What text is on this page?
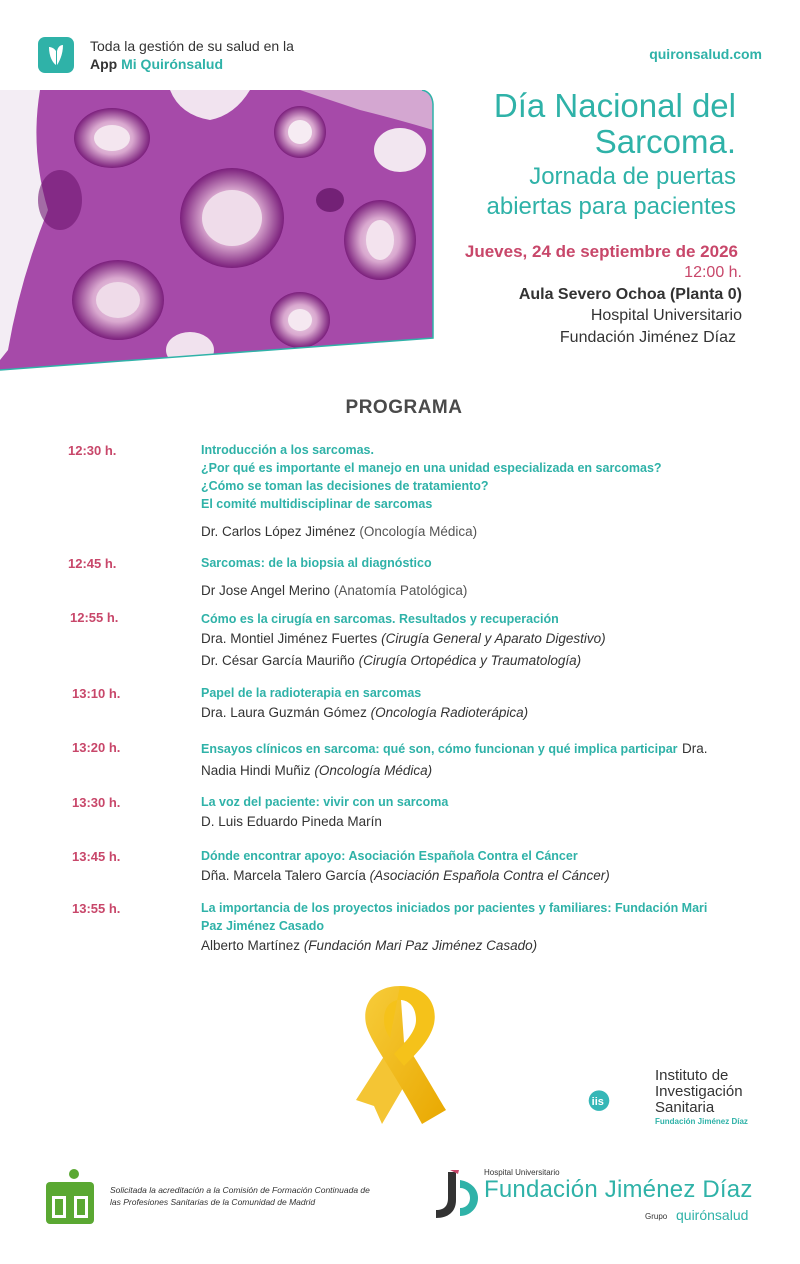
Toda la gestión de su salud en la
App Mi Quirónsalud
quironsalud.com
Día Nacional del
Sarcoma.
Jornada de puertas
abiertas para pacientes
Jueves, 24 de septiembre de 2026
12:00 h.
Aula Severo Ochoa (Planta 0)
Hospital Universitario
Fundación Jiménez Díaz
PROGRAMA
12:30 h.	Introducción a los sarcomas.
¿Por qué es importante el manejo en una unidad especializada en sarcomas?
¿Cómo se toman las decisiones de tratamiento?
El comité multidisciplinar de sarcomas
Dr. Carlos López Jiménez (Oncología Médica)
12:45 h.	Sarcomas: de la biopsia al diagnóstico
Dr Jose Angel Merino (Anatomía Patológica)
12:55 h.	Cómo es la cirugía en sarcomas. Resultados y recuperación
Dra. Montiel Jiménez Fuertes (Cirugía General y Aparato Digestivo)
Dr. César García Mauriño (Cirugía Ortopédica y Traumatología)
13:10 h.	Papel de la radioterapia en sarcomas
Dra. Laura Guzmán Gómez (Oncología Radioterápica)
13:20 h.	Ensayos clínicos en sarcoma: qué son, cómo funcionan y qué implica participar Dra.
Nadia Hindi Muñiz (Oncología Médica)
13:30 h.	La voz del paciente: vivir con un sarcoma
D. Luis Eduardo Pineda Marín
13:45 h.	Dónde encontrar apoyo: Asociación Española Contra el Cáncer
Dña. Marcela Talero García (Asociación Española Contra el Cáncer)
13:55 h.	La importancia de los proyectos iniciados por pacientes y familiares: Fundación Mari
Paz Jiménez Casado
Alberto Martínez (Fundación Mari Paz Jiménez Casado)
iis
Instituto de
Investigación
Sanitaria
Fundación Jiménez Díaz
Solicitada la acreditación a la Comisión de Formación Continuada de
las Profesiones Sanitarias de la Comunidad de Madrid
Hospital Universitario
Fundación Jiménez Díaz
Grupo quirónsalud
